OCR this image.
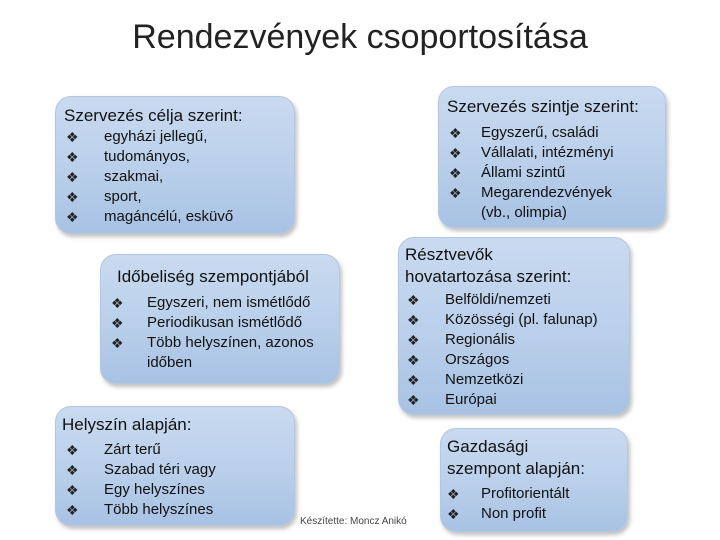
Rendezvények csoportosítása
Szervezés célja szerint:
❖ egyházi jellegű,
❖ tudományos,
❖ szakmai,
❖ sport,
❖ magáncélú, esküvő
Szervezés szintje szerint:
❖ Egyszerű, családi
❖ Vállalati, intézményi
❖ Állami szintű
❖ Megarendezvények
(vb., olimpia)
Időbeliség szempontjából
❖ Egyszeri, nem ismétlődő
❖ Periodikusan ismétlődő
❖ Több helyszínen, azonos
időben
Résztvevők
hovatartozása szerint:
❖ Belföldi/nemzeti
❖ Közösségi (pl. falunap)
❖ Regionális
❖ Országos
❖ Nemzetközi
❖ Európai
Helyszín alapján:
❖ Zárt terű
❖ Szabad téri vagy
❖ Egy helyszínes
❖ Több helyszínes
Gazdasági
szempont alapján:
❖ Profitorientált
❖ Non profit
Készítette: Moncz Anikó
